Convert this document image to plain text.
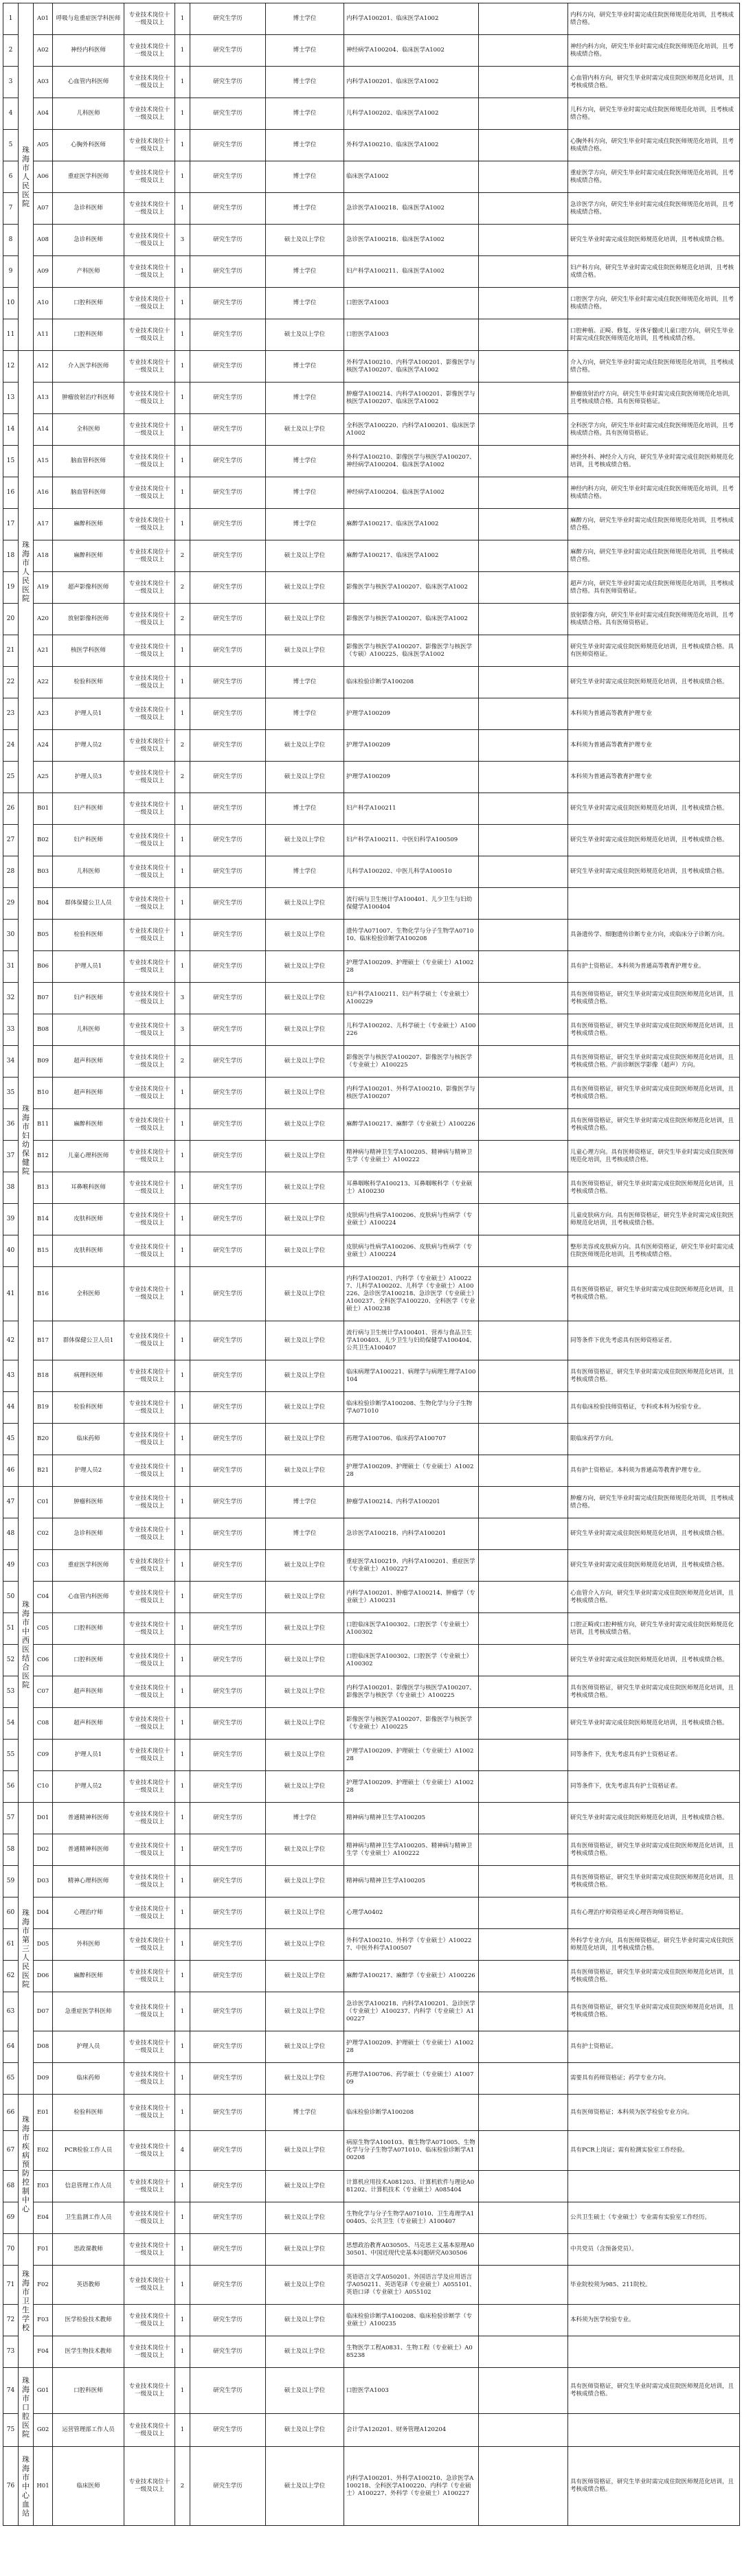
1	珠海市人民医院	A01	呼吸与危重症医学科医师	专业技术岗位十一级及以上	1	研究生学历	博士学位	内科学A100201、临床医学A1002		内科方向，研究生毕业时需完成住院医师规范化培训，且考核成绩合格。
2		A02	神经内科医师	专业技术岗位十一级及以上	1	研究生学历	博士学位	神经病学A100204、临床医学A1002		神经内科方向，研究生毕业时需完成住院医师规范化培训，且考核成绩合格。
3		A03	心血管内科医师	专业技术岗位十一级及以上	1	研究生学历	博士学位	内科学A100201、临床医学A1002		心血管内科方向，研究生毕业时需完成住院医师规范化培训，且考核成绩合格。
4		A04	儿科医师	专业技术岗位十一级及以上	1	研究生学历	博士学位	儿科学A100202、临床医学A1002		儿科方向，研究生毕业时需完成住院医师规范化培训，且考核成绩合格。
5		A05	心胸外科医师	专业技术岗位十一级及以上	1	研究生学历	博士学位	外科学A100210、临床医学A1002		心胸外科方向，研究生毕业时需完成住院医师规范化培训，且考核成绩合格。
6		A06	重症医学科医师	专业技术岗位十一级及以上	1	研究生学历	博士学位	临床医学A1002		重症医学方向，研究生毕业时需完成住院医师规范化培训，且考核成绩合格。
7		A07	急诊科医师	专业技术岗位十一级及以上	1	研究生学历	博士学位	急诊医学A100218、临床医学A1002		急诊医学方向，研究生毕业时需完成住院医师规范化培训，且考核成绩合格。
8		A08	急诊科医师	专业技术岗位十一级及以上	3	研究生学历	硕士及以上学位	急诊医学A100218、临床医学A1002		研究生毕业时需完成住院医师规范化培训，且考核成绩合格。
9		A09	产科医师	专业技术岗位十一级及以上	1	研究生学历	博士学位	妇产科学A100211、临床医学A1002		妇产科方向，研究生毕业时需完成住院医师规范化培训，且考核成绩合格。
10		A10	口腔科医师	专业技术岗位十一级及以上	1	研究生学历	博士学位	口腔医学A1003		口腔医学方向，研究生毕业时需完成住院医师规范化培训，且考核成绩合格。
11		A11	口腔科医师	专业技术岗位十一级及以上	1	研究生学历	硕士及以上学位	口腔医学A1003		口腔种植、正畸、修复、牙体牙髓或儿童口腔方向，研究生毕业时需完成住院医师规范化培训，且考核成绩合格。
12	珠海市人民医院	A12	介入医学科医师	专业技术岗位十一级及以上	1	研究生学历	博士学位	外科学A100210、内科学A100201、影像医学与核医学A100207、临床医学A1002		介入方向，研究生毕业时需完成住院医师规范化培训，且考核成绩合格。
13		A13	肿瘤放射治疗科医师	专业技术岗位十一级及以上	1	研究生学历	博士学位	肿瘤学A100214、内科学A100201、影像医学与核医学A100207、临床医学A1002		肿瘤放射治疗方向，研究生毕业时需完成住院医师规范化培训，且考核成绩合格。具有医师资格证。
14		A14	全科医师	专业技术岗位十一级及以上	1	研究生学历	硕士及以上学位	全科医学A100220、内科学A100201、临床医学A1002		全科医学方向，研究生毕业时需完成住院医师规范化培训，且考核成绩合格。具有医师资格证。
15		A15	脑血管科医师	专业技术岗位十一级及以上	1	研究生学历	博士学位	外科学A100210、影像医学与核医学A100207、神经病学A100204、临床医学A1002		神经外科、神经介入方向，研究生毕业时需完成住院医师规范化培训，且考核成绩合格。
16		A16	脑血管科医师	专业技术岗位十一级及以上	1	研究生学历	博士学位	神经病学A100204、临床医学A1002		神经内科方向，研究生毕业时需完成住院医师规范化培训，且考核成绩合格。
17		A17	麻醉科医师	专业技术岗位十一级及以上	1	研究生学历	博士学位	麻醉学A100217、临床医学A1002		麻醉方向，研究生毕业时需完成住院医师规范化培训，且考核成绩合格。
18		A18	麻醉科医师	专业技术岗位十一级及以上	2	研究生学历	硕士及以上学位	麻醉学A100217、临床医学A1002		麻醉方向，研究生毕业时需完成住院医师规范化培训，且考核成绩合格。
19		A19	超声影像科医师	专业技术岗位十一级及以上	2	研究生学历	硕士及以上学位	影像医学与核医学A100207、临床医学A1002		超声方向，研究生毕业时需完成住院医师规范化培训，且考核成绩合格。具有医师资格证。
20		A20	放射影像科医师	专业技术岗位十一级及以上	2	研究生学历	硕士及以上学位	影像医学与核医学A100207、临床医学A1002		放射影像方向，研究生毕业时需完成住院医师规范化培训，且考核成绩合格。具有医师资格证。
21		A21	核医学科医师	专业技术岗位十一级及以上	1	研究生学历	硕士及以上学位	影像医学与核医学A100207、影像医学与核医学（专硕）A100225、临床医学A1002		研究生毕业时需完成住院医师规范化培训，且考核成绩合格。具有医师资格证。
22		A22	检验科医师	专业技术岗位十一级及以上	1	研究生学历	博士学位	临床检验诊断学A100208		研究生毕业时需完成住院医师规范化培训，且考核成绩合格。
23		A23	护理人员1	专业技术岗位十一级及以上	1	研究生学历	博士学位	护理学A100209		本科须为普通高等教育护理专业
24		A24	护理人员2	专业技术岗位十一级及以上	2	研究生学历	硕士及以上学位	护理学A100209		本科须为普通高等教育护理专业
25		A25	护理人员3	专业技术岗位十一级及以上	2	研究生学历	硕士及以上学位	护理学A100209		本科须为普通高等教育护理专业
26	珠海市妇幼保健院	B01	妇产科医师	专业技术岗位十一级及以上	1	研究生学历	博士学位	妇产科学A100211		研究生毕业时需完成住院医师规范化培训，且考核成绩合格。
27		B02	妇产科医师	专业技术岗位十一级及以上	1	研究生学历	硕士及以上学位	妇产科学A100211、中医妇科学A100509		研究生毕业时需完成住院医师规范化培训，且考核成绩合格。
28		B03	儿科医师	专业技术岗位十一级及以上	1	研究生学历	博士学位	儿科学A100202、中医儿科学A100510		研究生毕业时需完成住院医师规范化培训，且考核成绩合格。
29		B04	群体保健公卫人员	专业技术岗位十一级及以上	1	研究生学历	硕士及以上学位	流行病与卫生统计学A100401、儿少卫生与妇幼保健学A100404		
30		B05	检验科医师	专业技术岗位十一级及以上	1	研究生学历	硕士及以上学位	遗传学A071007、生物化学与分子生物学A071010、临床检验诊断学A100208		具备遗传学、细胞遗传诊断专业方向，或临床分子诊断方向。
31		B06	护理人员1	专业技术岗位十一级及以上	1	研究生学历	硕士及以上学位	护理学A100209、护理硕士（专业硕士）A100228		具有护士资格证。本科须为普通高等教育护理专业。
32		B07	妇产科医师	专业技术岗位十一级及以上	3	研究生学历	硕士及以上学位	妇产科学A100211、妇产科学硕士（专业硕士）A100229		具有医师资格证，研究生毕业时需完成住院医师规范化培训，且考核成绩合格。
33		B08	儿科医师	专业技术岗位十一级及以上	3	研究生学历	硕士及以上学位	儿科学A100202、儿科学硕士（专业硕士）A100226		具有医师资格证，研究生毕业时需完成住院医师规范化培训，且考核成绩合格。
34		B09	超声科医师	专业技术岗位十一级及以上	2	研究生学历	硕士及以上学位	影像医学与核医学A100207、影像医学与核医学（专业硕士）A100225		具有医师资格证，研究生毕业时需完成住院医师规范化培训，且考核成绩合格。产前诊断医学影像（超声）方向。
35		B10	超声科医师	专业技术岗位十一级及以上	1	研究生学历	硕士及以上学位	内科学A100201、外科学A100210、影像医学与核医学A100207		具有医师资格证，研究生毕业时需完成住院医师规范化培训，且考核成绩合格。
36		B11	麻醉科医师	专业技术岗位十一级及以上	1	研究生学历	硕士及以上学位	麻醉学A100217、麻醉学（专业硕士）A100226		具有医师资格证，研究生毕业时需完成住院医师规范化培训，且考核成绩合格。
37		B12	儿童心理科医师	专业技术岗位十一级及以上	1	研究生学历	硕士及以上学位	精神病与精神卫生学A100205、精神病与精神卫生学（专业硕士）A100222		儿童心理方向。具有医师资格证，研究生毕业时需完成住院医师规范化培训，且考核成绩合格。
38		B13	耳鼻喉科医师	专业技术岗位十一级及以上	1	研究生学历	硕士及以上学位	耳鼻咽喉科学A100213、耳鼻咽喉科学（专业硕士）A100230		具有医师资格证，研究生毕业时需完成住院医师规范化培训，且考核成绩合格。
39		B14	皮肤科医师	专业技术岗位十一级及以上	1	研究生学历	硕士及以上学位	皮肤病与性病学A100206、皮肤病与性病学（专业硕士）A100224		儿童皮肤病方向。具有医师资格证，研究生毕业时需完成住院医师规范化培训，且考核成绩合格。
40		B15	皮肤科医师	专业技术岗位十一级及以上	1	研究生学历	硕士及以上学位	皮肤病与性病学A100206、皮肤病与性病学（专业硕士）A100224		整形美容或皮肤病方向。具有医师资格证，研究生毕业时需完成住院医师规范化培训，且考核成绩合格。
41		B16	全科医师	专业技术岗位十一级及以上	1	研究生学历	硕士及以上学位	内科学A100201、内科学（专业硕士）A100227、儿科学A100202、儿科学（专业硕士）A100226、急诊医学A100218、急诊医学（专业硕士）A100237、全科医学A100220、全科医学（专业硕士）A100238		具有医师资格证，研究生毕业时需完成住院医师规范化培训，且考核成绩合格。
42		B17	群体保健公卫人员1	专业技术岗位十一级及以上	1	研究生学历	硕士及以上学位	流行病与卫生统计学A100401、营养与食品卫生学A100403、儿少卫生与妇幼保健学A100404、公共卫生A100407		同等条件下优先考虑具有医师资格证者。
43		B18	病理科医师	专业技术岗位十一级及以上	1	研究生学历	硕士及以上学位	临床病理学A100221、病理学与病理生理学A100104		具有医师资格证，研究生毕业时需完成住院医师规范化培训，且考核成绩合格。
44		B19	检验科医师	专业技术岗位十一级及以上	1	研究生学历	硕士及以上学位	临床检验诊断学A100208、生物化学与分子生物学A071010		具有临床检验技师资格证，专科或本科为检验专业。
45		B20	临床药师	专业技术岗位十一级及以上	1	研究生学历	硕士及以上学位	药理学A100706、临床药学A100707		限临床药学方向。
46		B21	护理人员2	专业技术岗位十一级及以上	1	研究生学历	硕士及以上学位	护理学A100209、护理硕士（专业硕士）A100228		具有护士资格证。本科须为普通高等教育护理专业。
47	珠海市中西医结合医院	C01	肿瘤科医师	专业技术岗位十一级及以上	1	研究生学历	博士学位	肿瘤学A100214、内科学A100201		肿瘤方向，研究生毕业时需完成住院医师规范化培训，且考核成绩合格。
48		C02	急诊科医师	专业技术岗位十一级及以上	1	研究生学历	博士学位	急诊医学A100218、内科学A100201		研究生毕业时需完成住院医师规范化培训，且考核成绩合格。
49		C03	重症医学科医师	专业技术岗位十一级及以上	1	研究生学历	硕士及以上学位	重症医学A100219、内科学A100201、重症医学（专业硕士）A100227		研究生毕业时需完成住院医师规范化培训，且考核成绩合格。
50		C04	心血管内科医师	专业技术岗位十一级及以上	1	研究生学历	硕士及以上学位	内科学A100201、肿瘤学A100214、肿瘤学（专业硕士）A100231		心血管介入方向，研究生毕业时需完成住院医师规范化培训，且考核成绩合格。
51		C05	口腔科医师	专业技术岗位十一级及以上	1	研究生学历	硕士及以上学位	口腔临床医学A100302、口腔医学（专业硕士）A100302		口腔正畸或口腔种植方向，研究生毕业时需完成住院医师规范化培训，且考核成绩合格。
52		C06	口腔科医师	专业技术岗位十一级及以上	1	研究生学历	硕士及以上学位	口腔临床医学A100302、口腔医学（专业硕士）A100302		研究生毕业时需完成住院医师规范化培训，且考核成绩合格。
53		C07	超声科医师	专业技术岗位十一级及以上	1	研究生学历	硕士及以上学位	内科学A100201、影像医学与核医学A100207、影像医学与核医学（专业硕士）A100225		具有医师资格证，研究生毕业时需完成住院医师规范化培训，且考核成绩合格。
54		C08	超声科医师	专业技术岗位十一级及以上	1	研究生学历	硕士及以上学位	影像医学与核医学A100207、影像医学与核医学（专业硕士）A100225		研究生毕业时需完成住院医师规范化培训，且考核成绩合格。
55		C09	护理人员1	专业技术岗位十一级及以上	1	研究生学历	硕士及以上学位	护理学A100209、护理硕士（专业硕士）A100228		同等条件下，优先考虑具有护士资格证者。
56		C10	护理人员2	专业技术岗位十一级及以上	1	研究生学历	硕士及以上学位	护理学A100209、护理硕士（专业硕士）A100228		同等条件下，优先考虑具有护士资格证者。
57	珠海市第三人民医院	D01	普通精神科医师	专业技术岗位十一级及以上	1	研究生学历	博士学位	精神病与精神卫生学A100205		研究生毕业时需完成住院医师规范化培训，且考核成绩合格。
58		D02	普通精神科医师	专业技术岗位十一级及以上	1	研究生学历	硕士及以上学位	精神病与精神卫生学A100205、精神病与精神卫生学（专业硕士）A100222		具有医师资格证，研究生毕业时需完成住院医师规范化培训，且考核成绩合格。
59		D03	精神心理科医师	专业技术岗位十一级及以上	1	研究生学历	硕士及以上学位	精神病与精神卫生学A100205		具有医师资格证，研究生毕业时需完成住院医师规范化培训，且考核成绩合格。
60		D04	心理治疗师	专业技术岗位十一级及以上	1	研究生学历	硕士及以上学位	心理学A0402		具有心理治疗师资格证或心理咨询师资格证。
61		D05	外科医师	专业技术岗位十一级及以上	1	研究生学历	硕士及以上学位	外科学A100210、外科学（专业硕士）A100227、中医外科学A100507		外科学专业方向，具有医师资格证，研究生毕业时需完成住院医师规范化培训，且考核成绩合格。
62		D06	麻醉科医师	专业技术岗位十一级及以上	1	研究生学历	硕士及以上学位	麻醉学A100217、麻醉学（专业硕士）A100226		具有医师资格证，研究生毕业时需完成住院医师规范化培训，且考核成绩合格。
63		D07	急重症医学科医师	专业技术岗位十一级及以上	1	研究生学历	硕士及以上学位	急诊医学A100218、内科学A100201、急诊医学（专业硕士）A100237、内科学（专业硕士）A100227		具有医师资格证，研究生毕业时需完成住院医师规范化培训，且考核成绩合格。
64		D08	护理人员	专业技术岗位十一级及以上	1	研究生学历	硕士及以上学位	护理学A100209、护理硕士（专业硕士）A100228		具有护士资格证。
65		D09	临床药师	专业技术岗位十一级及以上	1	研究生学历	硕士及以上学位	药理学A100706、药学硕士（专业硕士）A100709		需要具有药师资格证；药学专业方向。
66	珠海市疾病预防控制中心	E01	检验科医师	专业技术岗位十一级及以上	1	研究生学历	博士学位	临床检验诊断学A100208		具有医师资格证；本科须为医学检验专业方向。
67		E02	PCR检验工作人员	专业技术岗位十一级及以上	4	研究生学历	硕士及以上学位	病原生物学A100103、微生物学A071005、生物化学与分子生物学A071010、临床检验诊断学A100208		具有PCR上岗证；需有检测实验室工作经验。
68		E03	信息管理工作人员	专业技术岗位十一级及以上	1	研究生学历	硕士及以上学位	计算机应用技术A081203、计算机软件与理论A081202、计算机技术（专业硕士）A085404		
69		E04	卫生监测工作人员	专业技术岗位十一级及以上	1	研究生学历	硕士及以上学位	生物化学与分子生物学A071010、卫生毒理学A100405、公共卫生（专业硕士）A100407		公共卫生硕士（专业硕士）专业需有实验室工作经历。
70	珠海市卫生学校	F01	思政课教师	专业技术岗位十一级及以上	1	研究生学历	硕士及以上学位	思想政治教育A030505、马克思主义基本原理A030501、中国近现代史基本问题研究A030506		中共党员（含预备党员）。
71		F02	英语教师	专业技术岗位十一级及以上	1	研究生学历	硕士及以上学位	英语语言文学A050201、外国语言学及应用语言学A050211、英语笔译（专业硕士）A055101、英语口译（专业硕士）A055102		毕业院校须为985、211院校。
72		F03	医学检验技术教师	专业技术岗位十一级及以上	1	研究生学历	硕士及以上学位	临床检验诊断学A100208、临床检验诊断学（专业硕士）A100235		本科须为医学检验专业。
73		F04	医学生物技术教师	专业技术岗位十一级及以上	1	研究生学历	硕士及以上学位	生物医学工程A0831、生物工程（专业硕士）A085238		
74	珠海市口腔医院	G01	口腔科医师	专业技术岗位十一级及以上	1	研究生学历	硕士及以上学位	口腔医学A1003		具有医师资格证，研究生毕业时需完成住院医师规范化培训，且考核成绩合格。
75		G02	运营管理部工作人员	专业技术岗位十一级及以上	1	研究生学历	硕士及以上学位	会计学A120201、财务管理A120204		
76	珠海市中心血站	H01	临床医师	专业技术岗位十一级及以上	2	研究生学历	硕士及以上学位	内科学A100201、外科学A100210、急诊医学A100218、全科医学A100220、内科学（专业硕士）A100227、外科学（专业硕士）A100227		具有医师资格证，研究生毕业时需完成住院医师规范化培训，且考核成绩合格。
